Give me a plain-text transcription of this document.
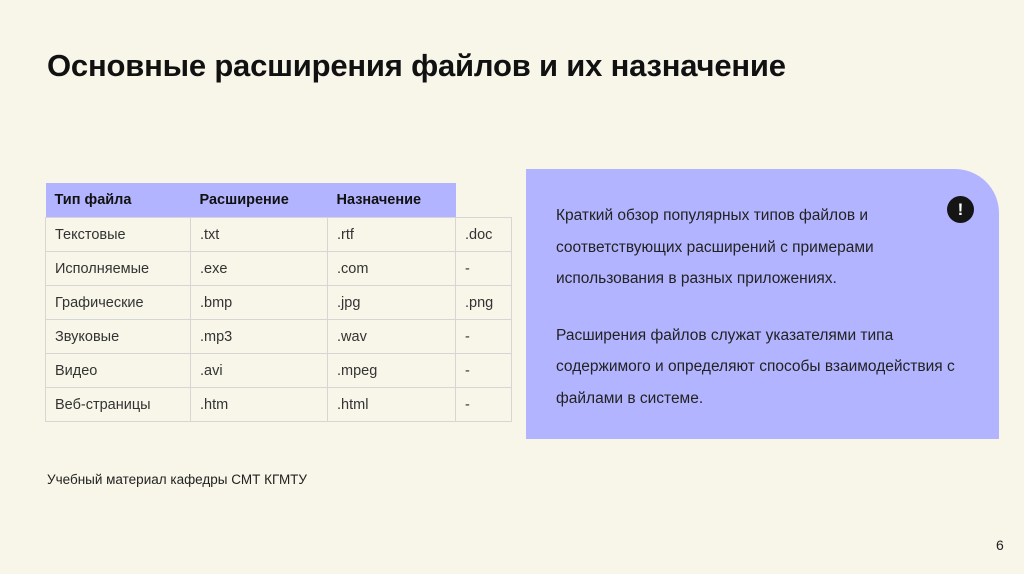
Основные расширения файлов и их назначение
Тип файла	Расширение	Назначение	
Текстовые	.txt	.rtf	.doc
Исполняемые	.exe	.com	-
Графические	.bmp	.jpg	.png
Звуковые	.mp3	.wav	-
Видео	.avi	.mpeg	-
Веб-страницы	.htm	.html	-

Краткий обзор популярных типов файлов и соответствующих расширений с примерами использования в разных приложениях.

Расширения файлов служат указателями типа содержимого и определяют способы взаимодействия с файлами в системе.

!
Учебный материал кафедры СМТ КГМТУ
6
